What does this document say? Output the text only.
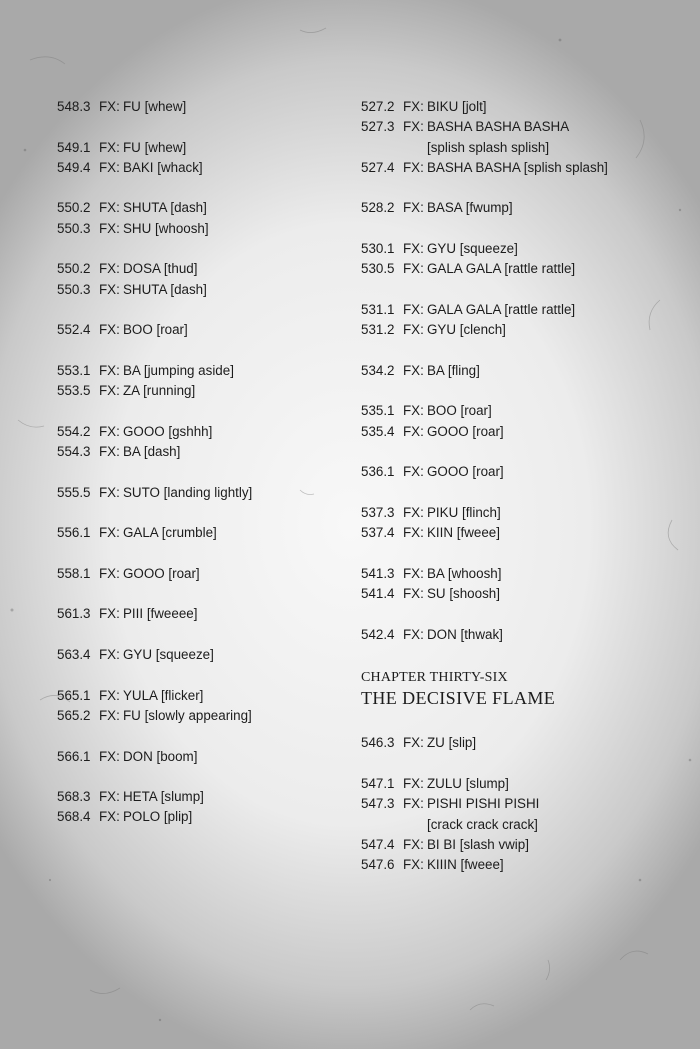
548.3 FX: FU [whew]
549.1 FX: FU [whew]
549.4 FX: BAKI [whack]
550.2 FX: SHUTA [dash]
550.3 FX: SHU [whoosh]
550.2 FX: DOSA [thud]
550.3 FX: SHUTA [dash]
552.4 FX: BOO [roar]
553.1 FX: BA [jumping aside]
553.5 FX: ZA [running]
554.2 FX: GOOO [gshhh]
554.3 FX: BA [dash]
555.5 FX: SUTO [landing lightly]
556.1 FX: GALA [crumble]
558.1 FX: GOOO [roar]
561.3 FX: PIII [fweeee]
563.4 FX: GYU [squeeze]
565.1 FX: YULA [flicker]
565.2 FX: FU [slowly appearing]
566.1 FX: DON [boom]
568.3 FX: HETA [slump]
568.4 FX: POLO [plip]
527.2 FX: BIKU [jolt]
527.3 FX: BASHA BASHA BASHA
[splish splash splish]
527.4 FX: BASHA BASHA [splish splash]
528.2 FX: BASA [fwump]
530.1 FX: GYU [squeeze]
530.5 FX: GALA GALA [rattle rattle]
531.1 FX: GALA GALA [rattle rattle]
531.2 FX: GYU [clench]
534.2 FX: BA [fling]
535.1 FX: BOO [roar]
535.4 FX: GOOO [roar]
536.1 FX: GOOO [roar]
537.3 FX: PIKU [flinch]
537.4 FX: KIIN [fweee]
541.3 FX: BA [whoosh]
541.4 FX: SU [shoosh]
542.4 FX: DON [thwak]
CHAPTER THIRTY-SIX
THE DECISIVE FLAME
546.3 FX: ZU [slip]
547.1 FX: ZULU [slump]
547.3 FX: PISHI PISHI PISHI
[crack crack crack]
547.4 FX: BI BI [slash vwip]
547.6 FX: KIIIN [fweee]
